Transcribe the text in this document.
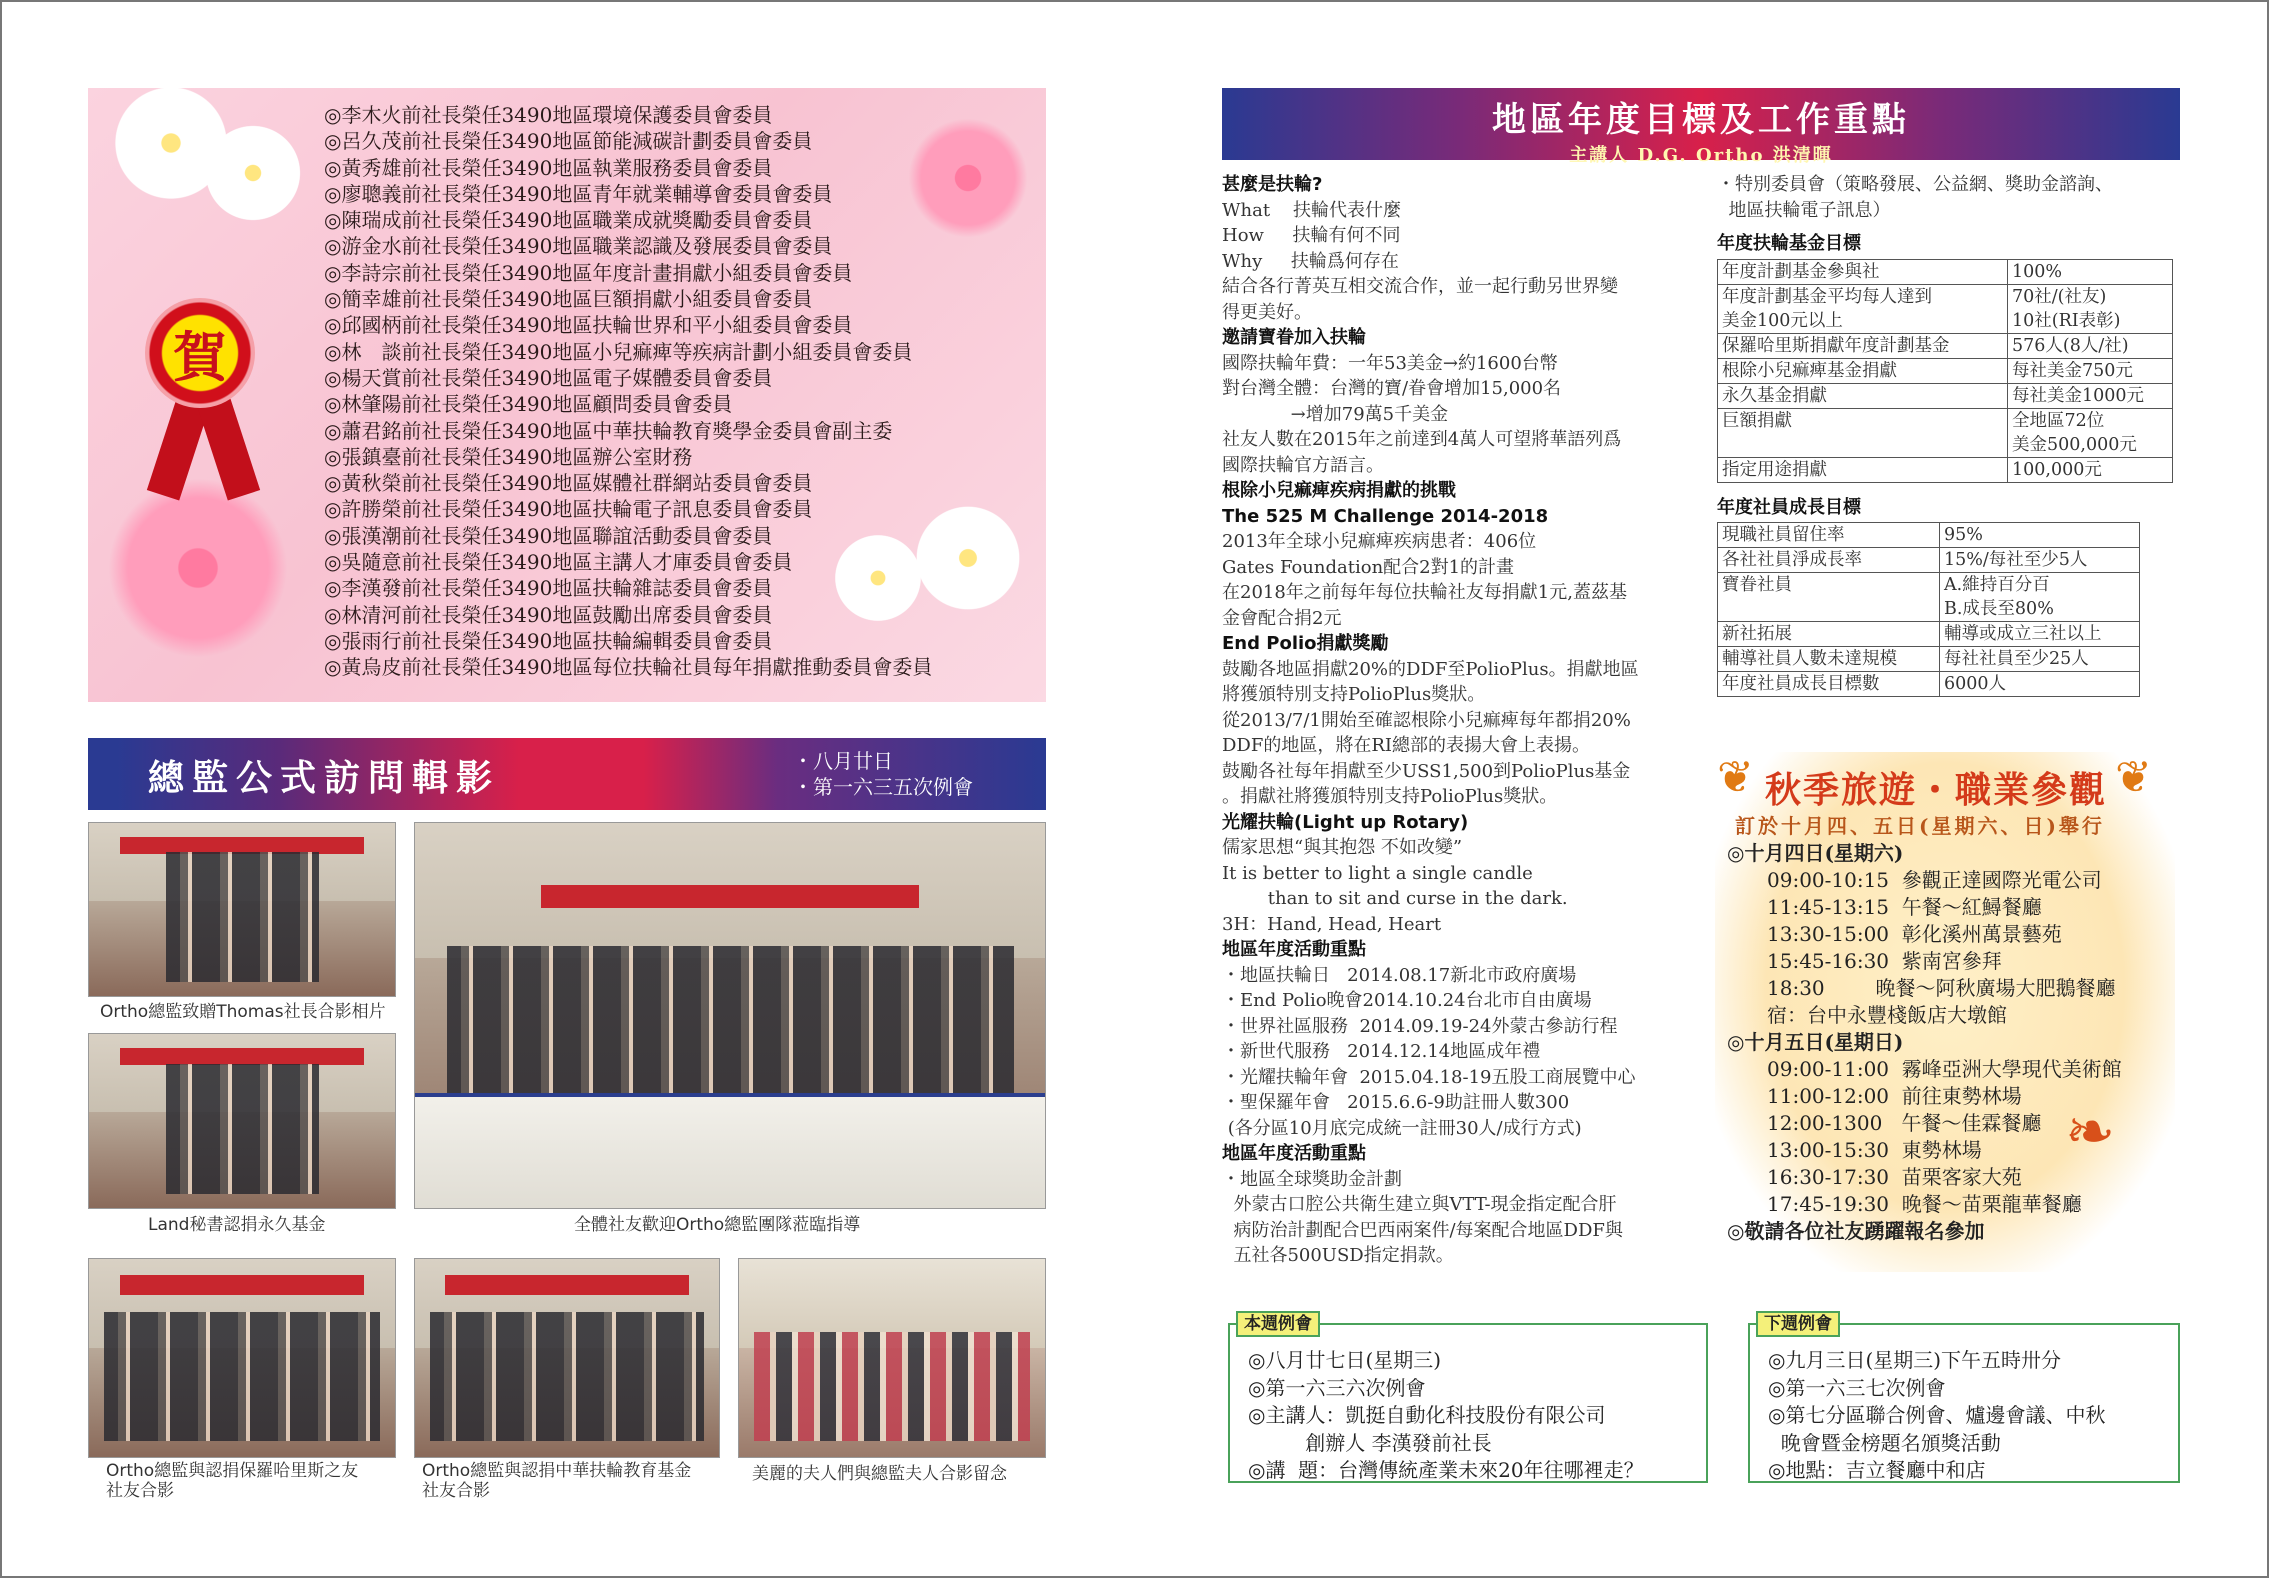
賀
◎李木火前社長榮任3490地區環境保護委員會委員
◎呂久茂前社長榮任3490地區節能減碳計劃委員會委員
◎黃秀雄前社長榮任3490地區執業服務委員會委員
◎廖聰義前社長榮任3490地區青年就業輔導會委員會委員
◎陳瑞成前社長榮任3490地區職業成就獎勵委員會委員
◎游金水前社長榮任3490地區職業認識及發展委員會委員
◎李詩宗前社長榮任3490地區年度計畫捐獻小組委員會委員
◎簡幸雄前社長榮任3490地區巨額捐獻小組委員會委員
◎邱國柄前社長榮任3490地區扶輪世界和平小組委員會委員
◎林　談前社長榮任3490地區小兒痲痺等疾病計劃小組委員會委員
◎楊天賞前社長榮任3490地區電子媒體委員會委員
◎林肇陽前社長榮任3490地區顧問委員會委員
◎蕭君銘前社長榮任3490地區中華扶輪教育獎學金委員會副主委
◎張鎮臺前社長榮任3490地區辦公室財務
◎黃秋榮前社長榮任3490地區媒體社群網站委員會委員
◎許勝榮前社長榮任3490地區扶輪電子訊息委員會委員
◎張漢潮前社長榮任3490地區聯誼活動委員會委員
◎吳隨意前社長榮任3490地區主講人才庫委員會委員
◎李漢發前社長榮任3490地區扶輪雜誌委員會委員
◎林清河前社長榮任3490地區鼓勵出席委員會委員
◎張雨行前社長榮任3490地區扶輪編輯委員會委員
◎黃烏皮前社長榮任3490地區每位扶輪社員每年捐獻推動委員會委員
總監公式訪問輯影	・八月廿日
・第一六三五次例會
Ortho總監致贈Thomas社長合影相片
Land秘書認捐永久基金	全體社友歡迎Ortho總監團隊蒞臨指導
Ortho總監與認捐保羅哈里斯之友
社友合影
Ortho總監與認捐中華扶輪教育基金
社友合影
美麗的夫人們與總監夫人合影留念
地區年度目標及工作重點
主講人 D.G. Ortho 洪清暉
甚麼是扶輪?
What    扶輪代表什麼
How     扶輪有何不同
Why     扶輪爲何存在
結合各行菁英互相交流合作，並一起行動另世界變
得更美好。
邀請寶眷加入扶輪
國際扶輪年費：一年53美金→約1600台幣
對台灣全體：台灣的寶/眷會增加15,000名
→增加79萬5千美金
社友人數在2015年之前達到4萬人可望將華語列爲
國際扶輪官方語言。
根除小兒痲痺疾病捐獻的挑戰
The 525 M Challenge 2014-2018
2013年全球小兒痲痺疾病患者：406位
Gates Foundation配合2對1的計畫
在2018年之前每年每位扶輪社友每捐獻1元,蓋茲基
金會配合捐2元
End Polio捐獻獎勵
鼓勵各地區捐獻20%的DDF至PolioPlus。捐獻地區
將獲頒特別支持PolioPlus獎狀。
從2013/7/1開始至確認根除小兒痲痺每年都捐20%
DDF的地區，將在RI總部的表揚大會上表揚。
鼓勵各社每年捐獻至少USS1,500到PolioPlus基金
。捐獻社將獲頒特別支持PolioPlus獎狀。
光耀扶輪(Light up Rotary)
儒家思想“與其抱怨 不如改變”
It is better to light a single candle
than to sit and curse in the dark.
3H：Hand, Head, Heart
地區年度活動重點
・地區扶輪日   2014.08.17新北市政府廣場
・End Polio晚會2014.10.24台北市自由廣場
・世界社區服務  2014.09.19-24外蒙古參訪行程
・新世代服務   2014.12.14地區成年禮
・光耀扶輪年會  2015.04.18-19五股工商展覽中心
・聖保羅年會   2015.6.6-9助註冊人數300
(各分區10月底完成統一註冊30人/成行方式)
地區年度活動重點
・地區全球獎助金計劃
外蒙古口腔公共衛生建立與VTT-現金指定配合肝
病防治計劃配合巴西兩案件/每案配合地區DDF與
五社各500USD指定捐款。
・特別委員會（策略發展、公益網、獎助金諮詢、
地區扶輪電子訊息）
年度扶輪基金目標
年度計劃基金參與社	100%
年度計劃基金平均每人達到
美金100元以上	70社/(社友)
10社(RI表彰)
保羅哈里斯捐獻年度計劃基金	576人(8人/社)
根除小兒痲痺基金捐獻	每社美金750元
永久基金捐獻	每社美金1000元
巨額捐獻	全地區72位
美金500,000元
指定用途捐獻	100,000元
年度社員成長目標
現職社員留住率	95%
各社社員淨成長率	15%/每社至少5人
寶眷社員	A.維持百分百
B.成長至80%
新社拓展	輔導或成立三社以上
輔導社員人數未達規模	每社社員至少25人
年度社員成長目標數	6000人
❦	❦
❧
秋季旅遊・職業參觀
訂於十月四、五日(星期六、日)舉行
◎十月四日(星期六)
09:00-10:15  參觀正達國際光電公司
11:45-13:15  午餐～紅鱘餐廳
13:30-15:00  彰化溪州萬景藝苑
15:45-16:30  紫南宮參拜
18:30        晚餐～阿秋廣場大肥鵝餐廳
宿：台中永豐棧飯店大墩館
◎十月五日(星期日)
09:00-11:00  霧峰亞洲大學現代美術館
11:00-12:00  前往東勢林場
12:00-1300   午餐～佳霖餐廳
13:00-15:30  東勢林場
16:30-17:30  苗栗客家大苑
17:45-19:30  晚餐～苗栗龍華餐廳
◎敬請各位社友踴躍報名參加
本週例會
◎八月廿七日(星期三)
◎第一六三六次例會
◎主講人：凱挺自動化科技股份有限公司
創辦人 李漢發前社長
◎講  題：台灣傳統產業未來20年往哪裡走？
下週例會
◎九月三日(星期三)下午五時卅分
◎第一六三七次例會
◎第七分區聯合例會、爐邊會議、中秋
晚會暨金榜題名頒獎活動
◎地點：吉立餐廳中和店
